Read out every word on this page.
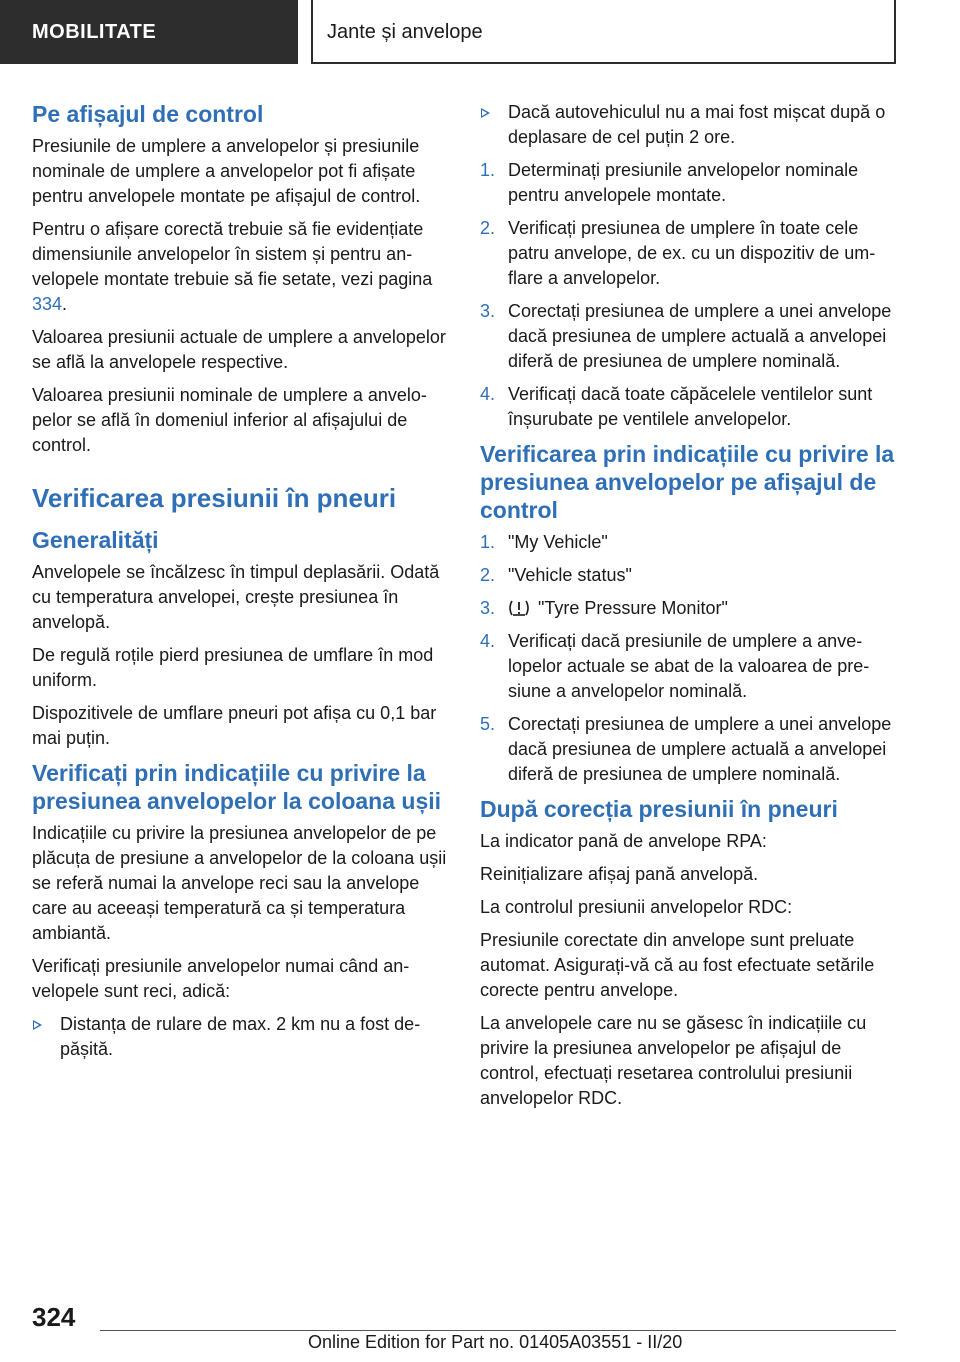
MOBILITATE	Jante și anvelope
Pe afișajul de control

Presiunile de umplere a anvelopelor și presiunile nominale de umplere a anvelopelor pot fi afișate pentru anvelopele montate pe afișajul de control.

Pentru o afișare corectă trebuie să fie evidențiate dimensiunile anvelopelor în sistem și pentru anvelopele montate trebuie să fie setate, vezi pagina 334.

Valoarea presiunii actuale de umplere a anvelopelor se află la anvelopele respective.

Valoarea presiunii nominale de umplere a anvelopelor se află în domeniul inferior al afișajului de control.

Verificarea presiunii în pneuri
Generalități

Anvelopele se încălzesc în timpul deplasării. Odată cu temperatura anvelopei, crește presiunea în anvelopă.

De regulă roțile pierd presiunea de umflare în mod uniform.

Dispozitivele de umflare pneuri pot afișa cu 0,1 bar mai puțin.

Verificați prin indicațiile cu privire la presiunea anvelopelor la coloana ușii

Indicațiile cu privire la presiunea anvelopelor de pe plăcuța de presiune a anvelopelor de la coloana ușii se referă numai la anvelope reci sau la anvelope care au aceeași temperatură ca și temperatura ambiantă.

Verificați presiunile anvelopelor numai când anvelopele sunt reci, adică:

Distanța de rulare de max. 2 km nu a fost depășită.
Dacă autovehiculul nu a mai fost mișcat după o deplasare de cel puțin 2 ore.
1. Determinați presiunile anvelopelor nominale pentru anvelopele montate.
2. Verificați presiunea de umplere în toate cele patru anvelope, de ex. cu un dispozitiv de umflare a anvelopelor.
3. Corectați presiunea de umplere a unei anvelope dacă presiunea de umplere actuală a anvelopei diferă de presiunea de umplere nominală.
4. Verificați dacă toate căpăcelele ventilelor sunt înșurubate pe ventilele anvelopelor.
Verificarea prin indicațiile cu privire la presiunea anvelopelor pe afișajul de control
1. "My Vehicle"
2. "Vehicle status"
3. "Tyre Pressure Monitor"
4. Verificați dacă presiunile de umplere a anvelopelor actuale se abat de la valoarea de presiune a anvelopelor nominală.
5. Corectați presiunea de umplere a unei anvelope dacă presiunea de umplere actuală a anvelopei diferă de presiunea de umplere nominală.
După corecția presiunii în pneuri

La indicator pană de anvelope RPA:

Reinițializare afișaj pană anvelopă.

La controlul presiunii anvelopelor RDC:

Presiunile corectate din anvelope sunt preluate automat. Asigurați-vă că au fost efectuate setările corecte pentru anvelope.

La anvelopele care nu se găsesc în indicațiile cu privire la presiunea anvelopelor pe afișajul de control, efectuați resetarea controlului presiunii anvelopelor RDC.

324
Online Edition for Part no. 01405A03551 - II/20
